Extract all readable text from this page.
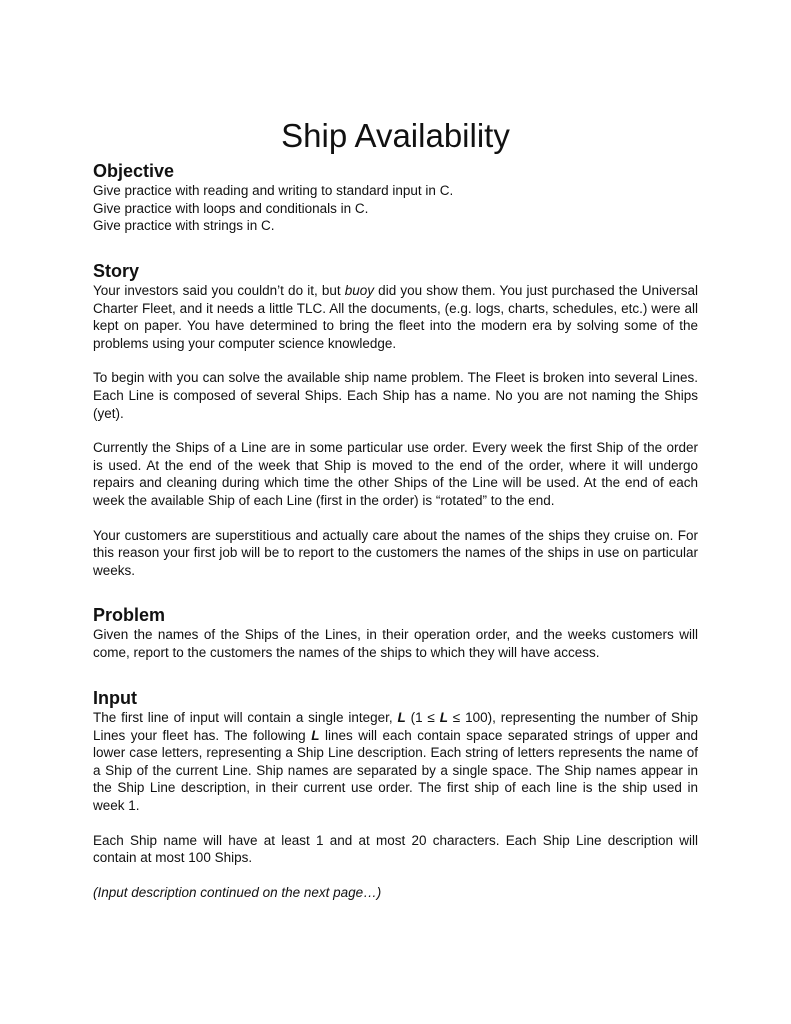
Ship Availability
Objective

Give practice with reading and writing to standard input in C.

Give practice with loops and conditionals in C.

Give practice with strings in C.

Story

Your investors said you couldn’t do it, but buoy did you show them. You just purchased the Universal Charter Fleet, and it needs a little TLC. All the documents, (e.g. logs, charts, schedules, etc.) were all kept on paper. You have determined to bring the fleet into the modern era by solving some of the problems using your computer science knowledge.

To begin with you can solve the available ship name problem. The Fleet is broken into several Lines. Each Line is composed of several Ships. Each Ship has a name. No you are not naming the Ships (yet).

Currently the Ships of a Line are in some particular use order. Every week the first Ship of the order is used. At the end of the week that Ship is moved to the end of the order, where it will undergo repairs and cleaning during which time the other Ships of the Line will be used. At the end of each week the available Ship of each Line (first in the order) is “rotated” to the end.

Your customers are superstitious and actually care about the names of the ships they cruise on. For this reason your first job will be to report to the customers the names of the ships in use on particular weeks.

Problem

Given the names of the Ships of the Lines, in their operation order, and the weeks customers will come, report to the customers the names of the ships to which they will have access.

Input

The first line of input will contain a single integer, L (1 ≤ L ≤ 100), representing the number of Ship Lines your fleet has. The following L lines will each contain space separated strings of upper and lower case letters, representing a Ship Line description. Each string of letters represents the name of a Ship of the current Line. Ship names are separated by a single space. The Ship names appear in the Ship Line description, in their current use order. The first ship of each line is the ship used in week 1.

Each Ship name will have at least 1 and at most 20 characters. Each Ship Line description will contain at most 100 Ships.

(Input description continued on the next page…)
